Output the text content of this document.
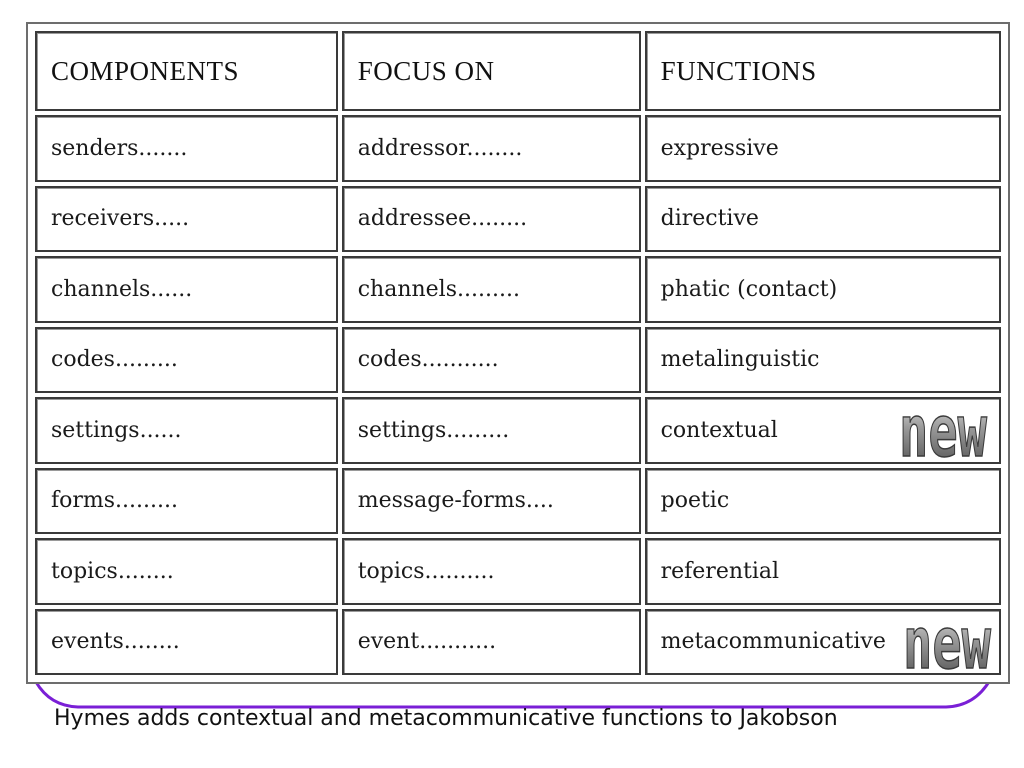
COMPONENTS	FOCUS ON	FUNCTIONS
senders.......	addressor........	expressive
receivers.....	addressee........	directive
channels......	channels.........	phatic (contact)
codes.........	codes...........	metalinguistic
settings......	settings.........	contextual new

forms.........	message-forms....	poetic
topics........	topics..........	referential
events........	event...........	metacommunicative new
Hymes adds contextual and metacommunicative functions to Jakobson
